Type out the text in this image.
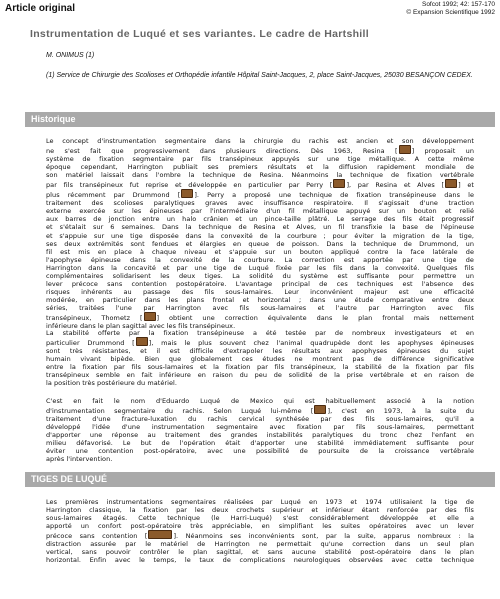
Article original	Sofcot 1992; 42: 157-170
© Expansion Scientifique 1992
Instrumentation de Luqué et ses variantes. Le cadre de Hartshill
M. ONIMUS (1)
(1) Service de Chirurgie des Scolioses et Orthopédie infantile Hôpital Saint-Jacques, 2, place Saint-Jacques, 25030 BESANÇON CEDEX.
Historique
Le concept d'instrumentation segmentaire dans la chirurgie du rachis est ancien et son développement
ne s'est fait que progressivement dans plusieurs directions. Dès 1963, Resina [ ] proposait un
système de fixation segmentaire par fils transépineux appuyés sur une tige métallique. A cette même
époque cependant, Harrington publiait ses premiers résultats et la diffusion rapidement mondiale de
son matériel laissait dans l'ombre la technique de Resina. Néanmoins la technique de fixation vertébrale
par fils transépineux fut reprise et développée en particulier par Perry [ ], par Resina et Alves [ ] et
plus récemment par Drummond [ ]. Perry a proposé une technique de fixation transépineuse dans le
traitement des scolioses paralytiques graves avec insuffisance respiratoire. Il s'agissait d'une traction
externe exercée sur les épineuses par l'intermédiaire d'un fil métallique appuyé sur un bouton et relié
aux barres de jonction entre un halo crânien et un pince-taille plâtré. Le serrage des fils était progressif
et s'étalait sur 6 semaines. Dans la technique de Resina et Alves, un fil transfixie la base de l'épineuse
et s'appuie sur une tige disposée dans la convexité de la courbure ; pour éviter la migration de la tige,
ses deux extrémités sont fendues et élargies en queue de poisson. Dans la technique de Drummond, un
fil est mis en place à chaque niveau et s'appuie sur un bouton appliqué contre la face latérale de
l'apophyse épineuse dans la convexité de la courbure. La correction est apportée par une tige de
Harrington dans la concavité et par une tige de Luqué fixée par les fils dans la convexité. Quelques fils
complémentaires solidarisent les deux tiges. La solidité du système est suffisante pour permettre un
lever précoce sans contention postopératoire. L'avantage principal de ces techniques est l'absence des
risques inhérents au passage des fils sous-lamaires. Leur inconvénient majeur est une efficacité
modérée, en particulier dans les plans frontal et horizontal ; dans une étude comparative entre deux
séries, traitées l'une par Harrington avec fils sous-lamaires et l'autre par Harrington avec fils
transépineux, Thometz [ ] obtient une correction équivalente dans le plan frontal mais nettement
inférieure dans le plan sagittal avec les fils transépineux.
La stabilité offerte par la fixation transépineuse a été testée par de nombreux investigateurs et en
particulier Drummond [ ], mais le plus souvent chez l'animal quadrupède dont les apophyses épineuses
sont très résistantes, et il est difficile d'extrapoler les résultats aux apophyses épineuses du sujet
humain vivant bipède. Bien que globalement ces études ne montrent pas de différence significative
entre la fixation par fils sous-lamaires et la fixation par fils transépineux, la stabilité de la fixation par fils
transépineux semble en fait inférieure en raison du peu de solidité de la prise vertébrale et en raison de
la position très postérieure du matériel.
C'est en fait le nom d'Eduardo Luqué de Mexico qui est habituellement associé à la notion
d'instrumentation segmentaire du rachis. Selon Luqué lui-même [ ], c'est en 1973, à la suite du
traitement d'une fracture-luxation du rachis cervical synthésée par des fils sous-lamaires, qu'il a
développé l'idée d'une instrumentation segmentaire avec fixation par fils sous-lamaires, permettant
d'apporter une réponse au traitement des grandes instabilités paralytiques du tronc chez l'enfant en
milieu défavorisé. Le but de l'opération était d'apporter une stabilité immédiatement suffisante pour
éviter une contention post-opératoire, avec une possibilité de poursuite de la croissance vertébrale
après l'intervention.
TIGES DE LUQUÉ
Les premières instrumentations segmentaires réalisées par Luqué en 1973 et 1974 utilisaient la tige de
Harrington classique, la fixation par les deux crochets supérieur et inférieur étant renforcée par des fils
sous-lamaires étagés. Cette technique (le Harri-Luqué) s'est considérablement développée et elle a
apporté un confort post-opératoire très appréciable, en simplifiant les suites opératoires avec un lever
précoce sans contention [	]. Néanmoins ses inconvénients sont, par la suite, apparus nombreux : la
distraction assurée par le matériel de Harrington ne permettait qu'une correction dans un seul plan
vertical, sans pouvoir contrôler le plan sagittal, et sans aucune stabilité post-opératoire dans le plan
horizontal. Enfin avec le temps, le taux de complications neurologiques observées avec cette technique
